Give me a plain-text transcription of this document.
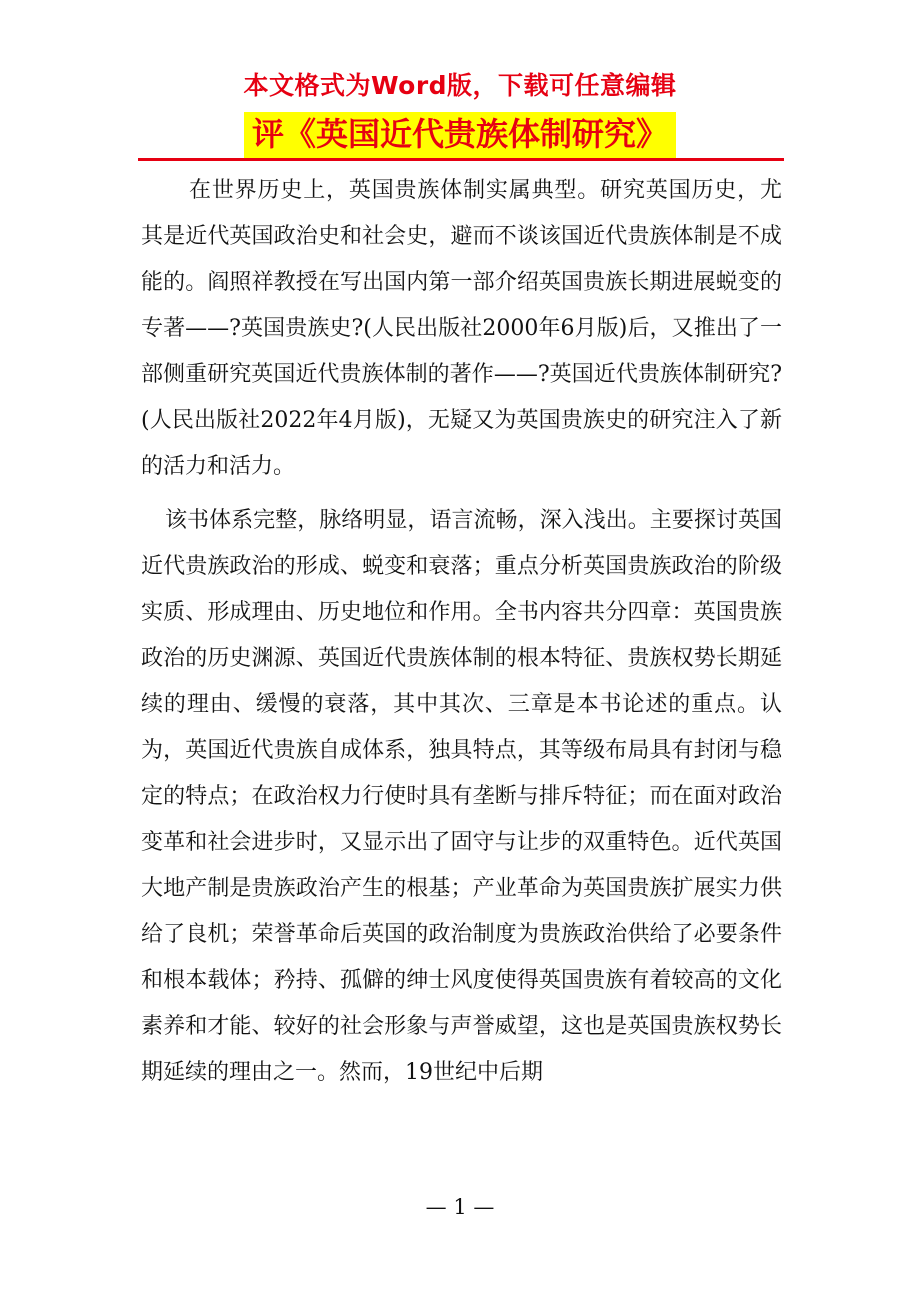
本文格式为Word版，下载可任意编辑
评《英国近代贵族体制研究》

在世界历史上，英国贵族体制实属典型。研究英国历史，尤其是近代英国政治史和社会史，避而不谈该国近代贵族体制是不成能的。阎照祥教授在写出国内第一部介绍英国贵族长期进展蜕变的专著——?英国贵族史?(人民出版社2000年6月版)后，又推出了一部侧重研究英国近代贵族体制的著作——?英国近代贵族体制研究?(人民出版社2022年4月版)，无疑又为英国贵族史的研究注入了新的活力和活力。

该书体系完整，脉络明显，语言流畅，深入浅出。主要探讨英国近代贵族政治的形成、蜕变和衰落；重点分析英国贵族政治的阶级实质、形成理由、历史地位和作用。全书内容共分四章：英国贵族政治的历史渊源、英国近代贵族体制的根本特征、贵族权势长期延续的理由、缓慢的衰落，其中其次、三章是本书论述的重点。认为，英国近代贵族自成体系，独具特点，其等级布局具有封闭与稳定的特点；在政治权力行使时具有垄断与排斥特征；而在面对政治变革和社会进步时，又显示出了固守与让步的双重特色。近代英国大地产制是贵族政治产生的根基；产业革命为英国贵族扩展实力供给了良机；荣誉革命后英国的政治制度为贵族政治供给了必要条件和根本载体；矜持、孤僻的绅士风度使得英国贵族有着较高的文化素养和才能、较好的社会形象与声誉威望，这也是英国贵族权势长期延续的理由之一。然而，19世纪中后期

— 1 —
